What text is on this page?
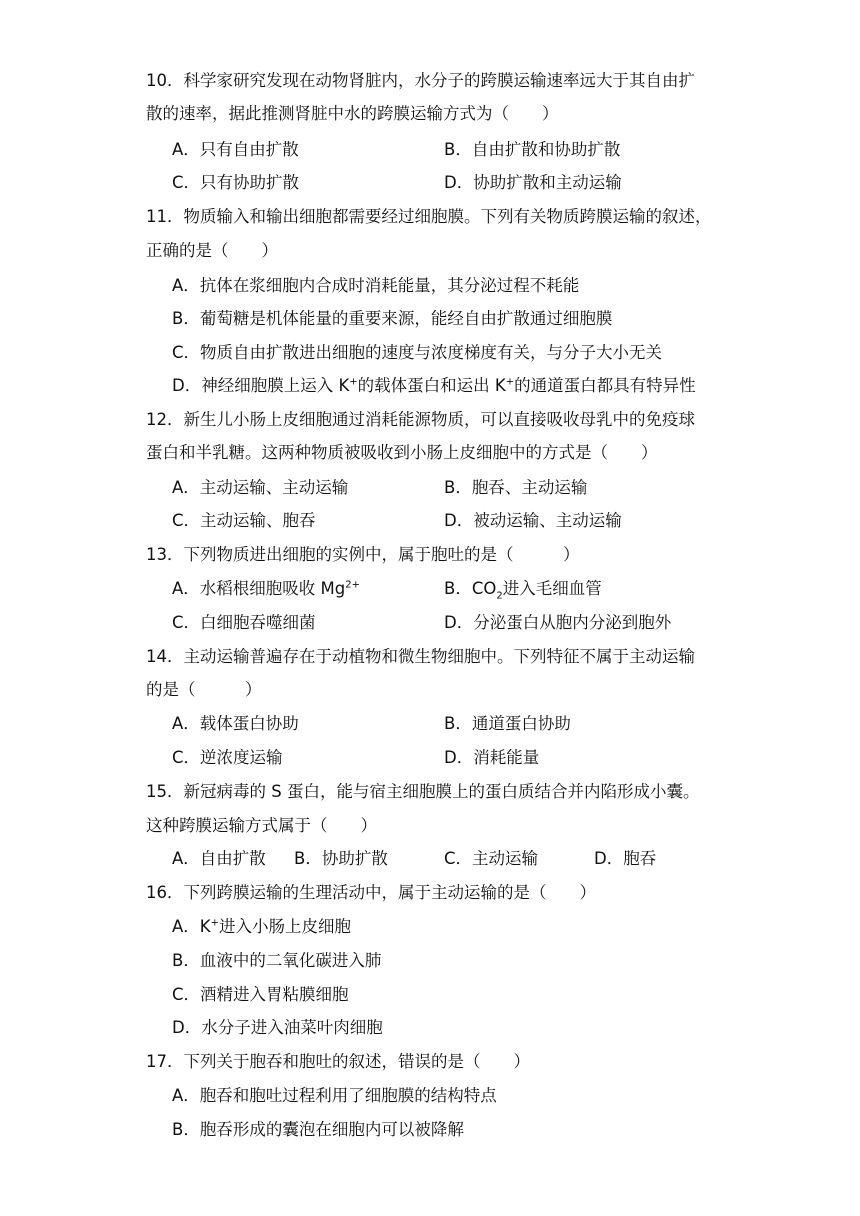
10．科学家研究发现在动物肾脏内，水分子的跨膜运输速率远大于其自由扩
散的速率，据此推测肾脏中水的跨膜运输方式为（　　）
A．只有自由扩散	B．自由扩散和协助扩散
C．只有协助扩散	D．协助扩散和主动运输
11．物质输入和输出细胞都需要经过细胞膜。下列有关物质跨膜运输的叙述，
正确的是（　　）
A．抗体在浆细胞内合成时消耗能量，其分泌过程不耗能
B．葡萄糖是机体能量的重要来源，能经自由扩散通过细胞膜
C．物质自由扩散进出细胞的速度与浓度梯度有关，与分子大小无关
D．神经细胞膜上运入 K+的载体蛋白和运出 K+的通道蛋白都具有特异性
12．新生儿小肠上皮细胞通过消耗能源物质，可以直接吸收母乳中的免疫球
蛋白和半乳糖。这两种物质被吸收到小肠上皮细胞中的方式是（　　）
A．主动运输、主动运输	B．胞吞、主动运输
C．主动运输、胞吞	D．被动运输、主动运输
13．下列物质进出细胞的实例中，属于胞吐的是（　　　）
A．水稻根细胞吸收 $Mg^{2+}$	B．$CO_2$进入毛细血管
C．白细胞吞噬细菌	D．分泌蛋白从胞内分泌到胞外
14．主动运输普遍存在于动植物和微生物细胞中。下列特征不属于主动运输
的是（　　　）
A．载体蛋白协助	B．通道蛋白协助
C．逆浓度运输	D．消耗能量
15．新冠病毒的 S 蛋白，能与宿主细胞膜上的蛋白质结合并内陷形成小囊。
这种跨膜运输方式属于（　　）
A．自由扩散 B．协助扩散	C．主动运输	D．胞吞
16．下列跨膜运输的生理活动中，属于主动运输的是（　　）
A．K+进入小肠上皮细胞
B．血液中的二氧化碳进入肺
C．酒精进入胃粘膜细胞
D．水分子进入油菜叶肉细胞
17．下列关于胞吞和胞吐的叙述，错误的是（　　）
A．胞吞和胞吐过程利用了细胞膜的结构特点
B．胞吞形成的囊泡在细胞内可以被降解
